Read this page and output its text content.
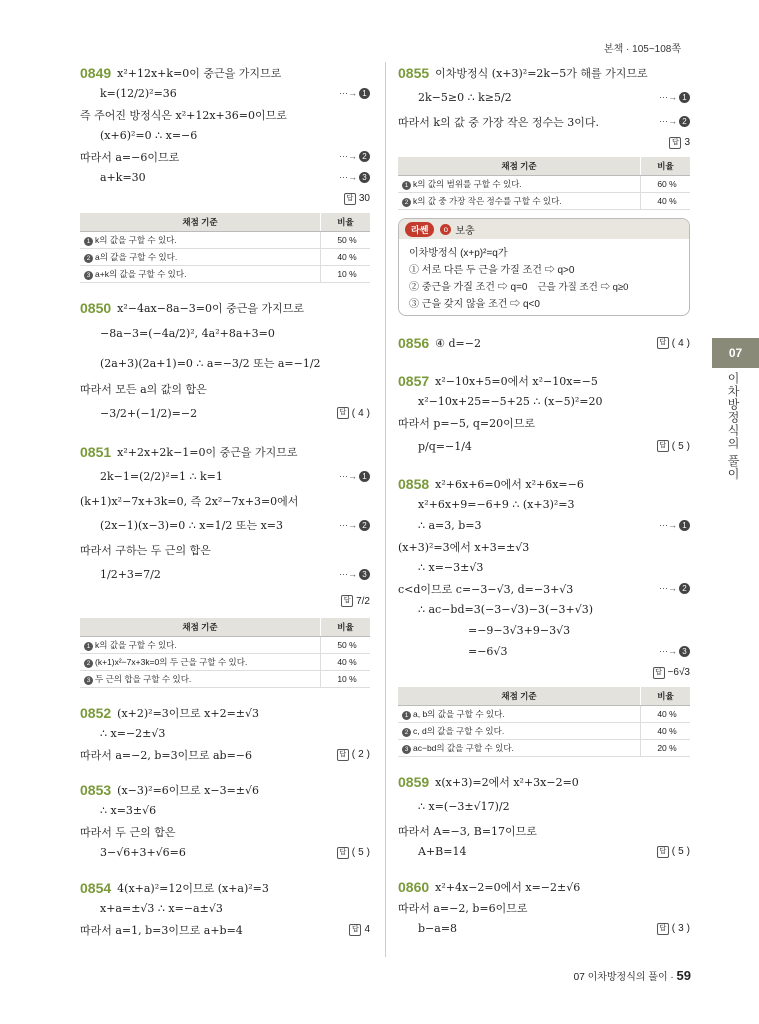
본책 · 105~108쪽
0849 x²+12x+k=0이 중근을 가지므로
k=(12/2)²=36	⋯→ 1
즉 주어진 방정식은 x²+12x+36=0이므로
(x+6)²=0 ∴ x=−6
따라서 a=−6이므로	⋯→ 2
a+k=30	⋯→ 3
답 30
채점 기준	비율
1 k의 값을 구할 수 있다.	50 %
2 a의 값을 구할 수 있다.	40 %
3 a+k의 값을 구할 수 있다.	10 %
0850 x²−4ax−8a−3=0이 중근을 가지므로
−8a−3=(−4a/2)², 4a²+8a+3=0
(2a+3)(2a+1)=0 ∴ a=−3/2 또는 a=−1/2
따라서 모든 a의 값의 합은
−3/2+(−1/2)=−2	답 ( 4 )
0851 x²+2x+2k−1=0이 중근을 가지므로
2k−1=(2/2)²=1 ∴ k=1	⋯→ 1
(k+1)x²−7x+3k=0, 즉 2x²−7x+3=0에서
(2x−1)(x−3)=0 ∴ x=1/2 또는 x=3	⋯→ 2
따라서 구하는 두 근의 합은
1/2+3=7/2	⋯→ 3
답 7/2
채점 기준	비율
1 k의 값을 구할 수 있다.	50 %
2 (k+1)x²−7x+3k=0의 두 근을 구할 수 있다.	40 %
3 두 근의 합을 구할 수 있다.	10 %
0852 (x+2)²=3이므로 x+2=±√3
∴ x=−2±√3
따라서 a=−2, b=3이므로 ab=−6	답 ( 2 )
0853 (x−3)²=6이므로 x−3=±√6
∴ x=3±√6
따라서 두 근의 합은
3−√6+3+√6=6	답 ( 5 )
0854 4(x+a)²=12이므로 (x+a)²=3
x+a=±√3 ∴ x=−a±√3
따라서 a=1, b=3이므로 a+b=4	답 4
0855 이차방정식 (x+3)²=2k−5가 해를 가지므로
2k−5≥0 ∴ k≥5/2	⋯→ 1
따라서 k의 값 중 가장 작은 정수는 3이다.	⋯→ 2
답 3
채점 기준	비율
1 k의 값의 범위를 구할 수 있다.	60 %
2 k의 값 중 가장 작은 정수를 구할 수 있다.	40 %
라쎈	o 보충
이차방정식 (x+p)²=q가
① 서로 다른 두 근을 가질 조건 ⇨ q>0
② 중근을 가질 조건 ⇨ q=0 근을 가질 조건 ⇨ q≥0
③ 근을 갖지 않을 조건 ⇨ q<0
0856 ④ d=−2	답 ( 4 )
0857 x²−10x+5=0에서 x²−10x=−5
x²−10x+25=−5+25 ∴ (x−5)²=20
따라서 p=−5, q=20이므로
p/q=−1/4	답 ( 5 )
0858 x²+6x+6=0에서 x²+6x=−6
x²+6x+9=−6+9 ∴ (x+3)²=3
∴ a=3, b=3	⋯→ 1
(x+3)²=3에서 x+3=±√3
∴ x=−3±√3
c<d이므로 c=−3−√3, d=−3+√3	⋯→ 2
∴ ac−bd=3(−3−√3)−3(−3+√3)
=−9−3√3+9−3√3
=−6√3	⋯→ 3
답 −6√3
채점 기준	비율
1 a, b의 값을 구할 수 있다.	40 %
2 c, d의 값을 구할 수 있다.	40 %
3 ac−bd의 값을 구할 수 있다.	20 %
0859 x(x+3)=2에서 x²+3x−2=0
∴ x=(−3±√17)/2
따라서 A=−3, B=17이므로
A+B=14	답 ( 5 )
0860 x²+4x−2=0에서 x=−2±√6
따라서 a=−2, b=6이므로
b−a=8	답 ( 3 )
07
이차방정식의 풀이
07 이차방정식의 풀이 · 59
